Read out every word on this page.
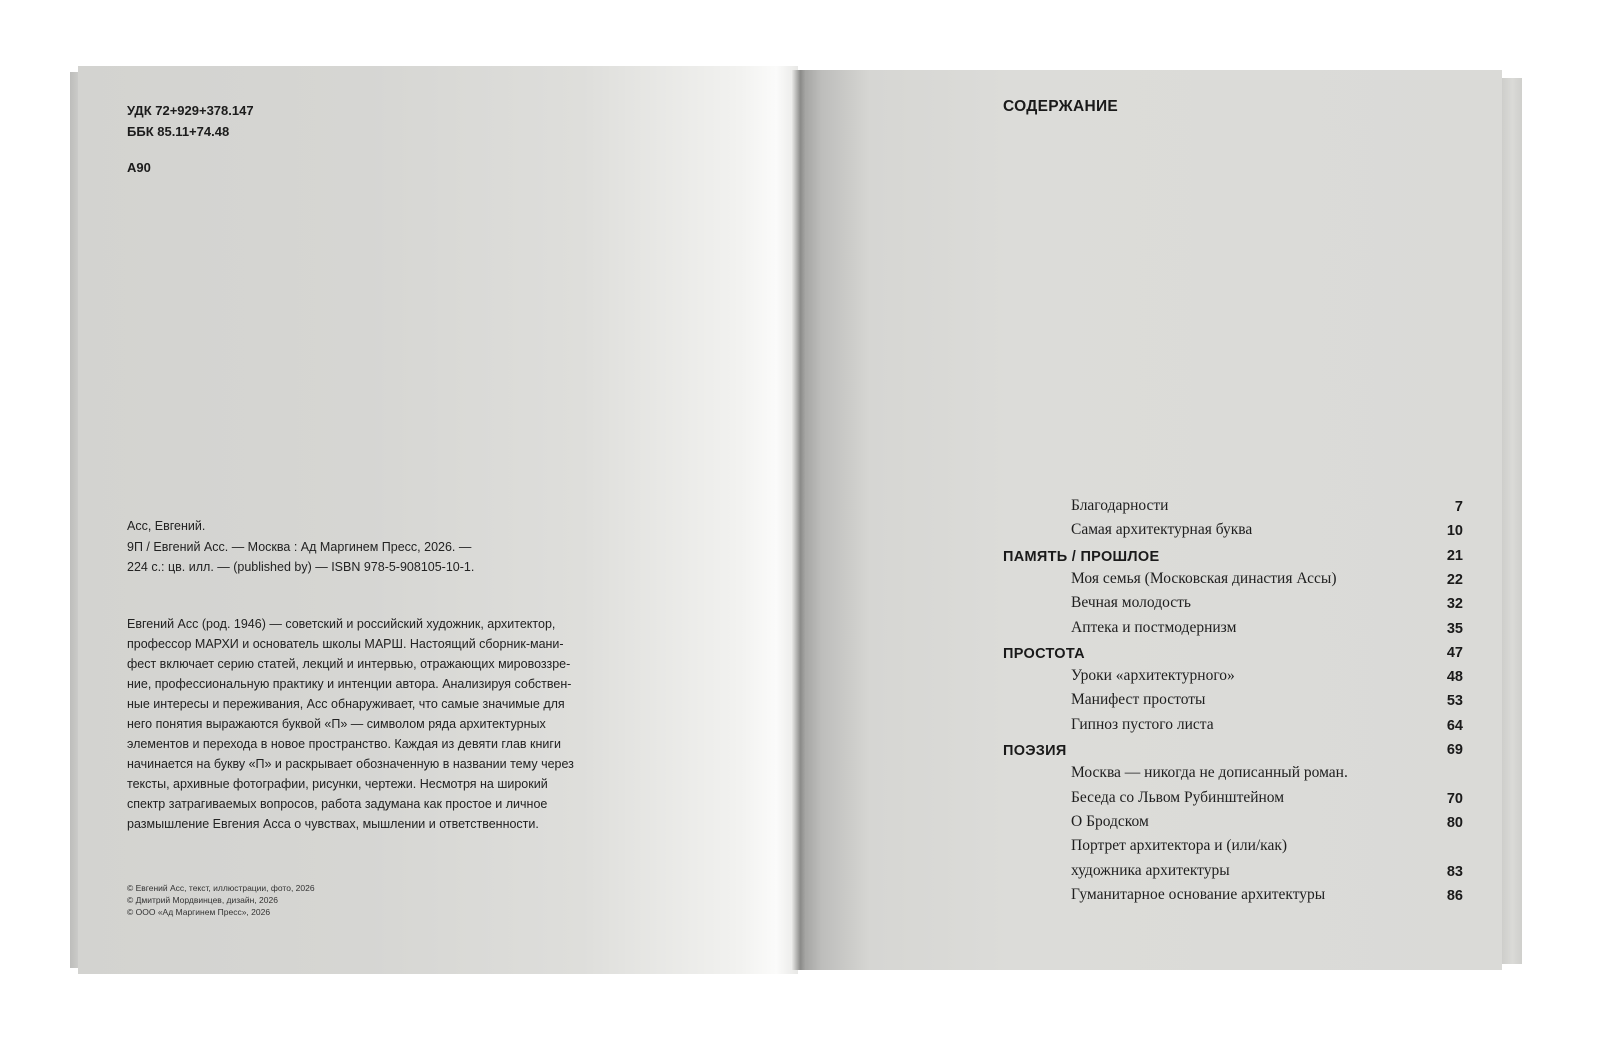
УДК 72+929+378.147
ББК 85.11+74.48
А90
Асс, Евгений.
9П / Евгений Асс. — Москва : Ад Маргинем Пресс, 2026. —
224 с.: цв. илл. — (published by) — ISBN 978-5-908105-10-1.
Евгений Асс (род. 1946) — советский и российский художник, архитектор,
профессор МАРХИ и основатель школы МАРШ. Настоящий сборник-мани-
фест включает серию статей, лекций и интервью, отражающих мировоззре-
ние, профессиональную практику и интенции автора. Анализируя собствен-
ные интересы и переживания, Асс обнаруживает, что самые значимые для
него понятия выражаются буквой «П» — символом ряда архитектурных
элементов и перехода в новое пространство. Каждая из девяти глав книги
начинается на букву «П» и раскрывает обозначенную в названии тему через
тексты, архивные фотографии, рисунки, чертежи. Несмотря на широкий
спектр затрагиваемых вопросов, работа задумана как простое и личное
размышление Евгения Асса о чувствах, мышлении и ответственности.
© Евгений Асс, текст, иллюстрации, фото, 2026
© Дмитрий Мордвинцев, дизайн, 2026
© ООО «Ад Маргинем Пресс», 2026
СОДЕРЖАНИЕ
Благодарности	7
Самая архитектурная буква	10
ПАМЯТЬ / ПРОШЛОЕ	21
Моя семья (Московская династия Ассы)	22
Вечная молодость	32
Аптека и постмодернизм	35
ПРОСТОТА	47
Уроки «архитектурного»	48
Манифест простоты	53
Гипноз пустого листа	64
ПОЭЗИЯ	69
Москва — никогда не дописанный роман.
Беседа со Львом Рубинштейном	70
О Бродском	80
Портрет архитектора и (или/как)
художника архитектуры	83
Гуманитарное основание архитектуры	86
